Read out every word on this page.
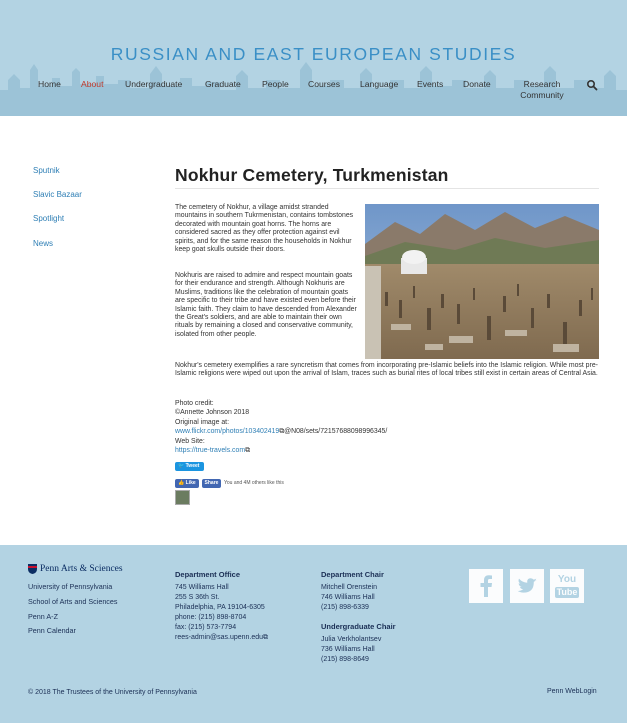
RUSSIAN AND EAST EUROPEAN STUDIES
Home About	Undergraduate	Graduate People Courses Language Events Donate	Research
Community
Sputnik
Slavic Bazaar
Spotlight
News
Nokhur Cemetery, Turkmenistan
The cemetery of Nokhur, a village amidst stranded mountains in southern Tukrmenistan, contains tombstones decorated with mountain goat horns. The horns are considered sacred as they offer protection against evil spirits, and for the same reason the households in Nokhur keep goat skulls outside their doors.
Nokhuris are raised to admire and respect mountain goats for their endurance and strength. Although Nokhuris are Muslims, traditions like the celebration of mountain goats are specific to their tribe and have existed even before their Islamic faith. They claim to have descended from Alexander the Great's soldiers, and are able to maintain their own rituals by remaining a closed and conservative community, isolated from other people.
Nokhur's cemetery exemplifies a rare syncretism that comes from incorporating pre-Islamic beliefs into the Islamic religion. While most pre-Islamic religions were wiped out upon the arrival of Islam, traces such as burial rites of local tribes still exist in certain areas of Central Asia.
Photo credit:
©Annette Johnson 2018
Original image at:
www.flickr.com/photos/103402419⧉@N08/sets/72157688098996345/
Web Site:
https://true-travels.com⧉
🐦 Tweet
👍 Like	Share	You and 4M others like this
Penn Arts & Sciences
University of Pennsylvania
School of Arts and Sciences
Penn A-Z
Penn Calendar
Department Office
745 Williams Hall
255 S 36th St.
Philadelphia, PA 19104-6305
phone: (215) 898-8704
fax: (215) 573-7794
rees-admin@sas.upenn.edu⧉
Department Chair
Mitchell Orenstein
746 Williams Hall
(215) 898-6339
Undergraduate Chair
Julia Verkholantsev
736 Williams Hall
(215) 898-8649
You
Tube
© 2018 The Trustees of the University of Pennsylvania	Penn WebLogin
